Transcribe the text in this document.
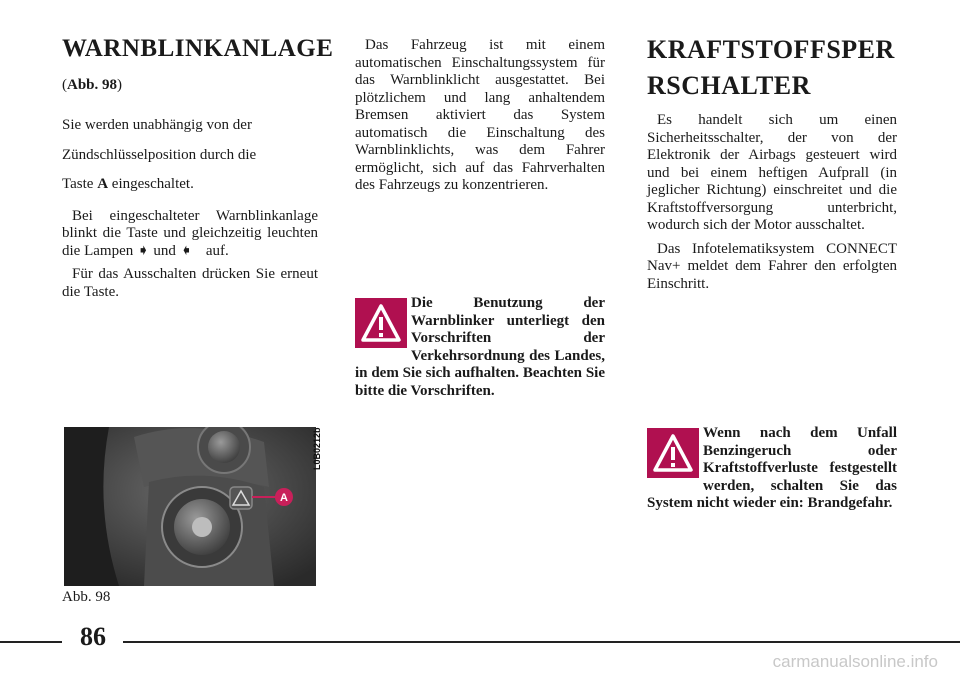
WARNBLINKANLAGE
(Abb. 98)

Sie werden unabhängig von der

Zündschlüsselposition durch die

Taste A eingeschaltet.

Bei eingeschalteter Warnblinkanlage blinkt die Taste und gleichzeitig leuchten die Lampen ➧ und ➧ auf.

Für das Ausschalten drücken Sie erneut die Taste.

A
L0B0212b
Abb. 98

Das Fahrzeug ist mit einem automatischen Einschaltungssystem für das Warnblinklicht ausgestattet. Bei plötzlichem und lang anhaltendem Bremsen aktiviert das System automatisch die Einschaltung des Warnblinklichts, was dem Fahrer ermöglicht, sich auf das Fahrverhalten des Fahrzeugs zu konzentrieren.

Die Benutzung der Warnblinker unterliegt den Vorschriften der Verkehrsordnung des Landes, in dem Sie sich aufhalten. Beachten Sie bitte die Vorschriften.
KRAFTSTOFFSPER
RSCHALTER

Es handelt sich um einen Sicherheitsschalter, der von der Elektronik der Airbags gesteuert wird und bei einem heftigen Aufprall (in jeglicher Richtung) einschreitet und die Kraftstoffversorgung unterbricht, wodurch sich der Motor ausschaltet.

Das Infotelematiksystem CONNECT Nav+ meldet dem Fahrer den erfolgten Einschritt.

Wenn nach dem Unfall Benzingeruch oder Kraftstoffverluste festgestellt werden, schalten Sie das System nicht wieder ein: Brandgefahr.
86
carmanualsonline.info
